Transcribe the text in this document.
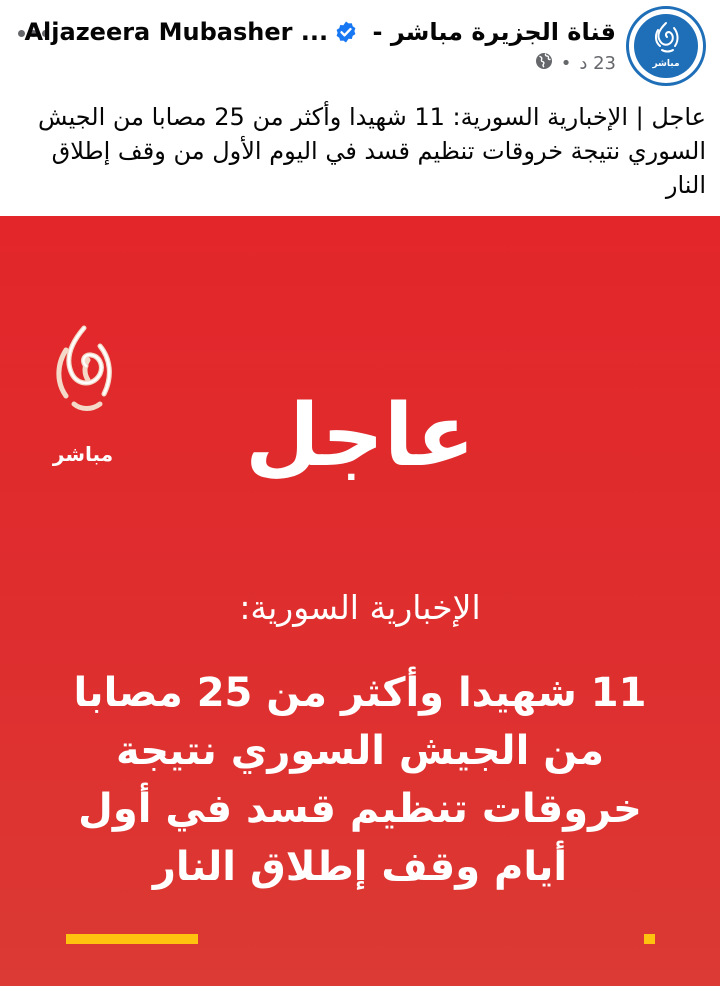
Aljazeera Mubasher ... - قناة الجزيرة مباشر
• 23 د	مباشر
عاجل | الإخبارية السورية: 11 شهيدا وأكثر من 25 مصابا من الجيش السوري نتيجة خروقات تنظيم قسد في اليوم الأول من وقف إطلاق النار
مباشر	عاجل
الإخبارية السورية:
11 شهيدا وأكثر من 25 مصابا من الجيش السوري نتيجة خروقات تنظيم قسد في أول أيام وقف إطلاق النار
